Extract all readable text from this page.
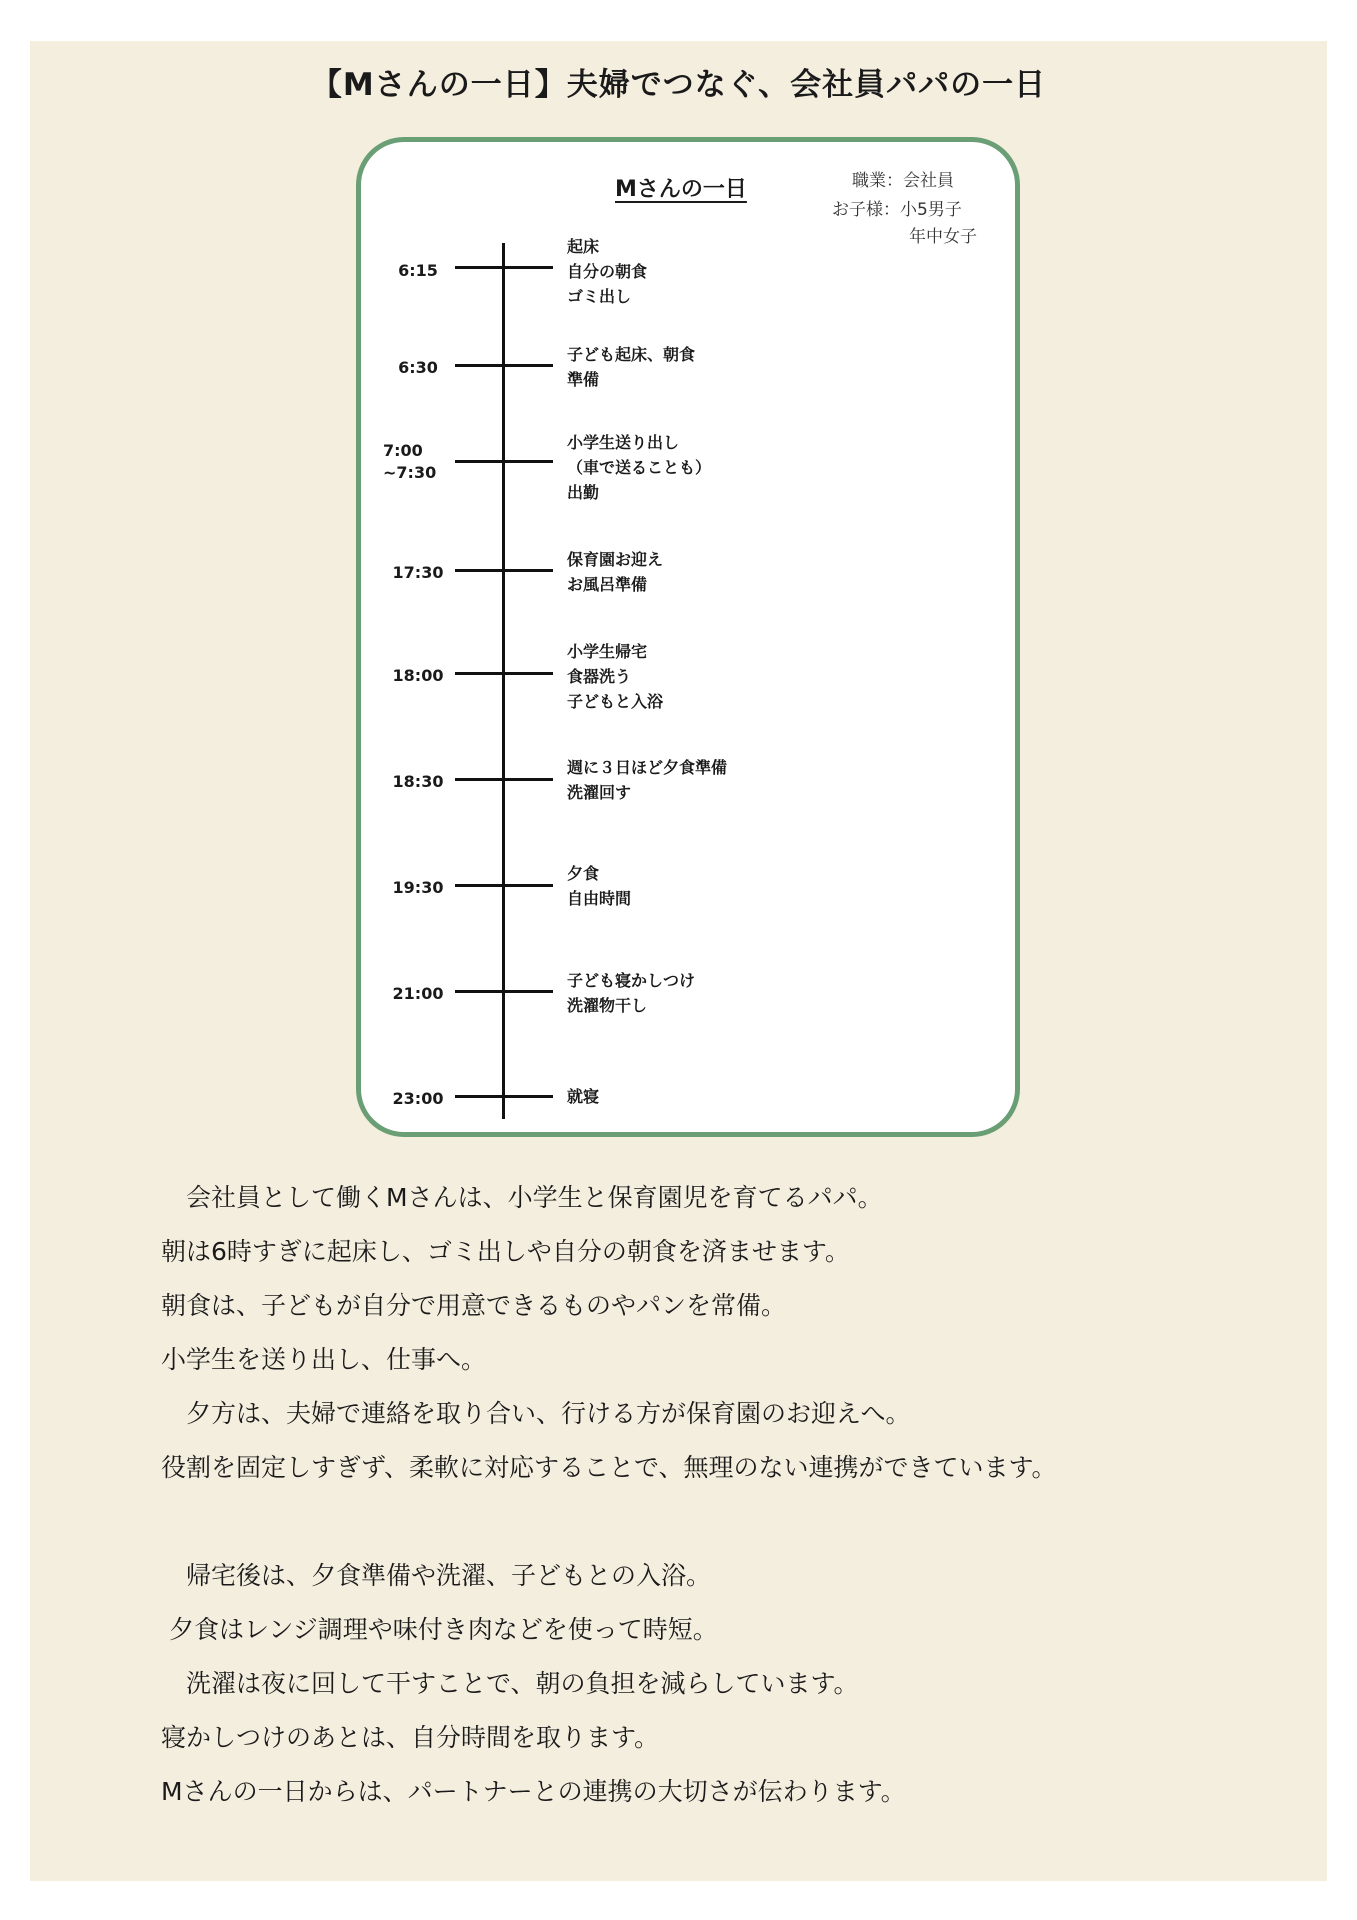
【Mさんの一日】夫婦でつなぐ、会社員パパの一日
Mさんの一日	職業：会社員
お子様：小5男子
年中女子
6:15
起床
自分の朝食
ゴミ出し
6:30
子ども起床、朝食
準備
7:00
~7:30
小学生送り出し
（車で送ることも）
出勤
17:30
保育園お迎え
お風呂準備
18:00
小学生帰宅
食器洗う
子どもと入浴
18:30
週に３日ほど夕食準備
洗濯回す
19:30
夕食
自由時間
21:00
子ども寝かしつけ
洗濯物干し
23:00	就寝

　会社員として働くMさんは、小学生と保育園児を育てるパパ。

朝は6時すぎに起床し、ゴミ出しや自分の朝食を済ませます。

朝食は、子どもが自分で用意できるものやパンを常備。

小学生を送り出し、仕事へ。

　夕方は、夫婦で連絡を取り合い、行ける方が保育園のお迎えへ。

役割を固定しすぎず、柔軟に対応することで、無理のない連携ができています。

　帰宅後は、夕食準備や洗濯、子どもとの入浴。

夕食はレンジ調理や味付き肉などを使って時短。

　洗濯は夜に回して干すことで、朝の負担を減らしています。

寝かしつけのあとは、自分時間を取ります。

Mさんの一日からは、パートナーとの連携の大切さが伝わります。
